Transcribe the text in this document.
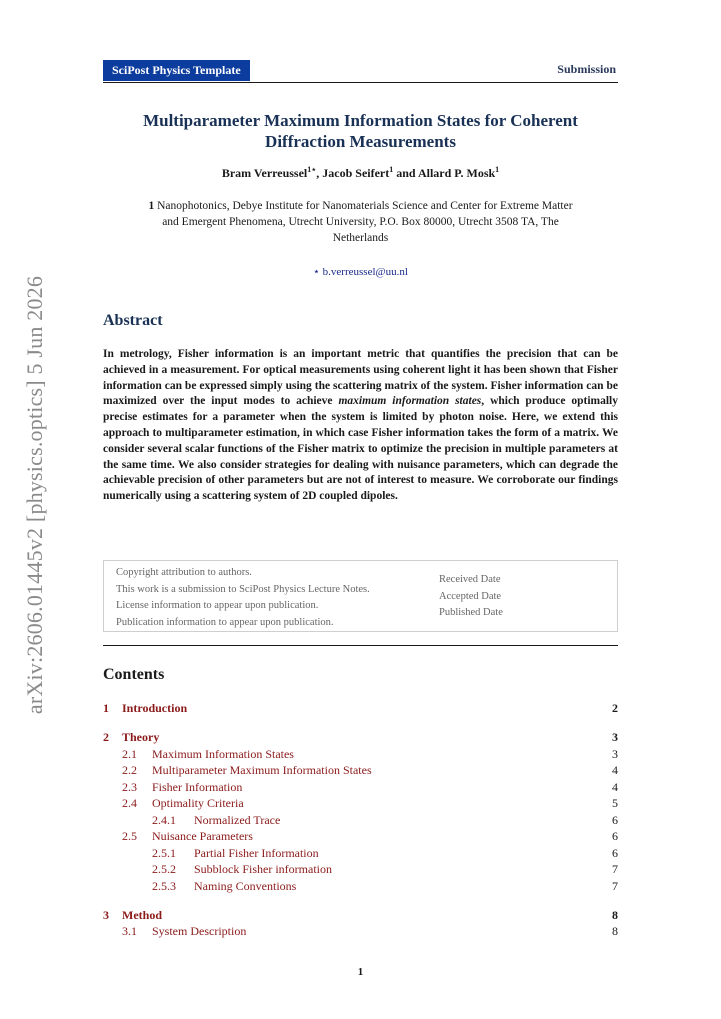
arXiv:2606.01445v2 [physics.optics] 5 Jun 2026
SciPost Physics Template	Submission
Multiparameter Maximum Information States for Coherent
Diffraction Measurements
Bram Verreussel$^{1⋆}$, Jacob Seifert$^1$ and Allard P. Mosk$^1$
1 Nanophotonics, Debye Institute for Nanomaterials Science and Center for Extreme Matter
and Emergent Phenomena, Utrecht University, P.O. Box 80000, Utrecht 3508 TA, The
Netherlands
⋆ b.verreussel@uu.nl
Abstract
In metrology, Fisher information is an important metric that quantifies the precision that can be achieved in a measurement. For optical measurements using coherent light it has been shown that Fisher information can be expressed simply using the scattering matrix of the system. Fisher information can be maximized over the input modes to achieve maximum information states, which produce optimally precise estimates for a parameter when the system is limited by photon noise. Here, we extend this approach to multiparameter estimation, in which case Fisher information takes the form of a matrix. We consider several scalar functions of the Fisher matrix to optimize the precision in multiple parameters at the same time. We also consider strategies for dealing with nuisance parameters, which can degrade the achievable precision of other parameters but are not of interest to measure. We corroborate our findings numerically using a scattering system of 2D coupled dipoles.
Copyright attribution to authors.
This work is a submission to SciPost Physics Lecture Notes.
License information to appear upon publication.
Publication information to appear upon publication.
Received Date
Accepted Date
Published Date
Contents
1 Introduction	2
2 Theory	3
2.1 Maximum Information States	3
2.2 Multiparameter Maximum Information States	4
2.3 Fisher Information	4
2.4 Optimality Criteria	5
2.4.1 Normalized Trace	6
2.5 Nuisance Parameters	6
2.5.1 Partial Fisher Information	6
2.5.2 Subblock Fisher information	7
2.5.3 Naming Conventions	7
3 Method	8
3.1 System Description	8
1
